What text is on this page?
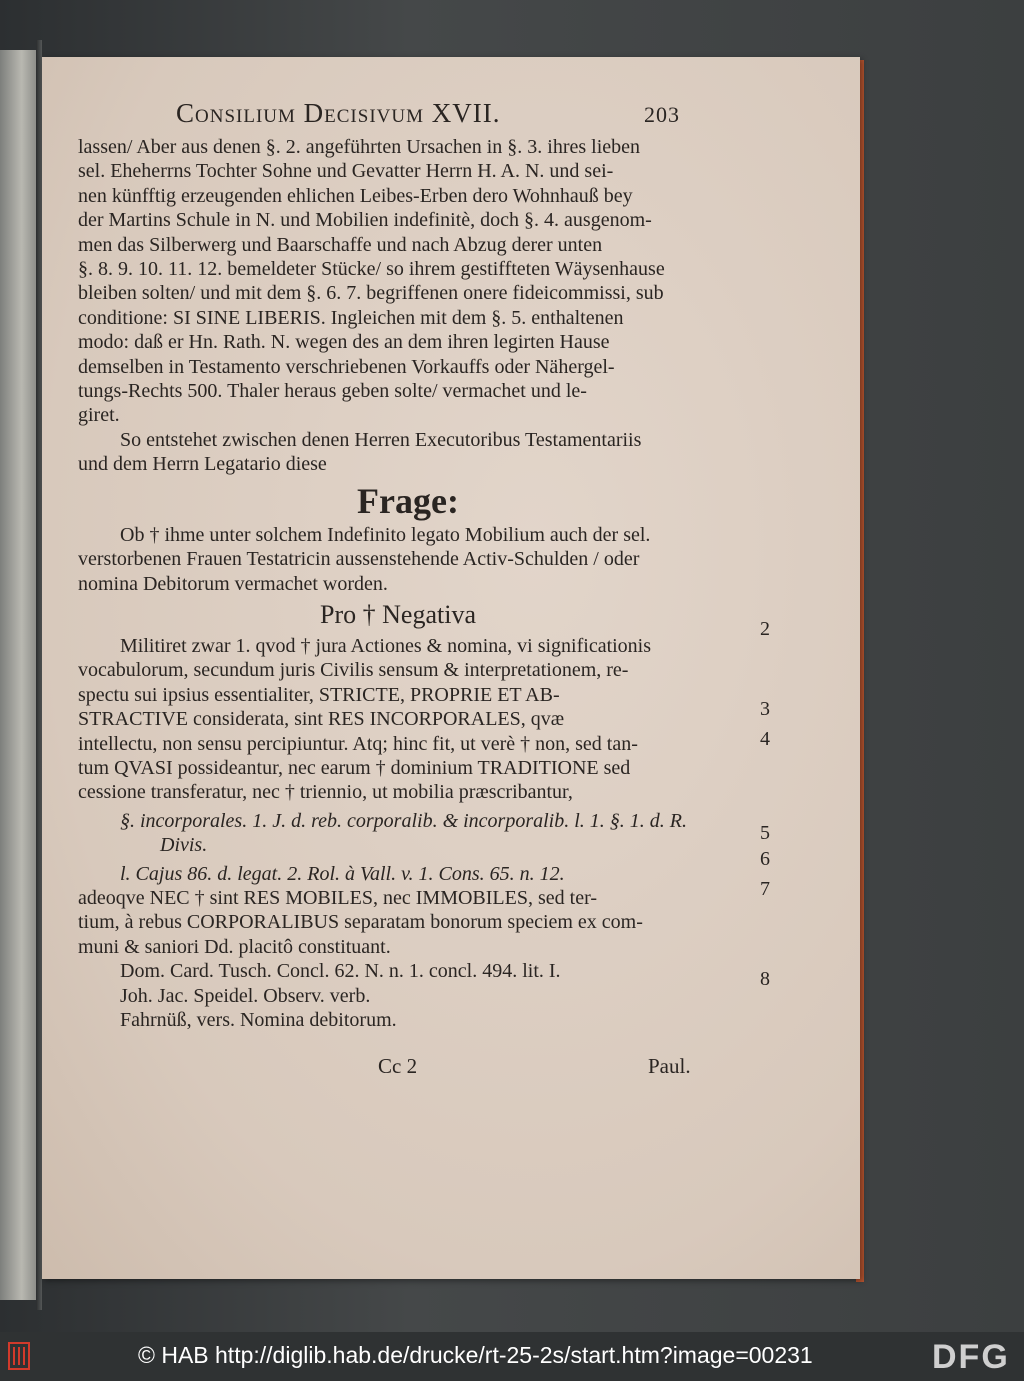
Consilium Decisivum XVII.	203
lassen/ Aber aus denen §. 2. angeführten Ursachen in §. 3. ihres lieben
sel. Eheherrns Tochter Sohne und Gevatter Herrn H. A. N. und sei-
nen künfftig erzeugenden ehlichen Leibes-Erben dero Wohnhauß bey
der Martins Schule in N. und Mobilien indefinitè, doch §. 4. ausgenom-
men das Silberwerg und Baarschaffe und nach Abzug derer unten
§. 8. 9. 10. 11. 12. bemeldeter Stücke/ so ihrem gestiffteten Wäysenhause
bleiben solten/ und mit dem §. 6. 7. begriffenen onere fideicommissi, sub
conditione: SI SINE LIBERIS. Ingleichen mit dem §. 5. enthaltenen
modo: daß er Hn. Rath. N. wegen des an dem ihren legirten Hause
demselben in Testamento verschriebenen Vorkauffs oder Nähergel-
tungs-Rechts 500. Thaler heraus geben solte/ vermachet und le-
giret.
So entstehet zwischen denen Herren Executoribus Testamentariis
und dem Herrn Legatario diese
Frage:
Ob † ihme unter solchem Indefinito legato Mobilium auch der sel.
verstorbenen Frauen Testatricin aussenstehende Activ-Schulden / oder
nomina Debitorum vermachet worden.
Pro † Negativa
Militiret zwar 1. qvod † jura Actiones & nomina, vi significationis
vocabulorum, secundum juris Civilis sensum & interpretationem, re-
spectu sui ipsius essentialiter, STRICTE, PROPRIE ET AB-
STRACTIVE considerata, sint RES INCORPORALES, qvæ
intellectu, non sensu percipiuntur. Atq; hinc fit, ut verè † non, sed tan-
tum QVASI possideantur, nec earum † dominium TRADITIONE sed
cessione transferatur, nec † triennio, ut mobilia præscribantur,
§. incorporales. 1. J. d. reb. corporalib. & incorporalib. l. 1. §. 1. d. R.
Divis.
l. Cajus 86. d. legat. 2. Rol. à Vall. v. 1. Cons. 65. n. 12.
adeoqve NEC † sint RES MOBILES, nec IMMOBILES, sed ter-
tium, à rebus CORPORALIBUS separatam bonorum speciem ex com-
muni & saniori Dd. placitô constituant.
Dom. Card. Tusch. Concl. 62. N. n. 1. concl. 494. lit. I.
Joh. Jac. Speidel. Observ. verb.
Fahrnüß, vers. Nomina debitorum.
Cc 2	Paul.
2
3
4
5
6
7
8
© HAB http://diglib.hab.de/drucke/rt-25-2s/start.htm?image=00231	DFG
